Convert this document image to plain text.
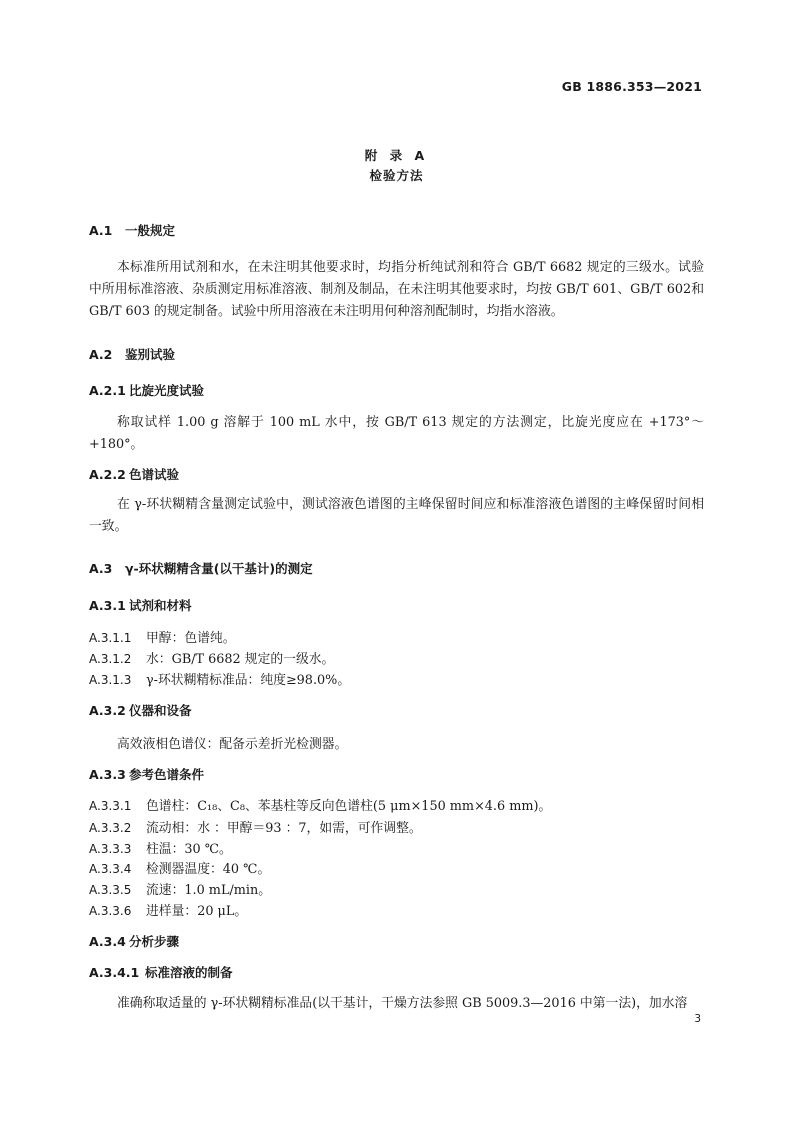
GB 1886.353—2021
附 录 A
检验方法
A.1 一般规定
本标准所用试剂和水，在未注明其他要求时，均指分析纯试剂和符合 GB/T 6682 规定的三级水。试验中所用标准溶液、杂质测定用标准溶液、制剂及制品，在未注明其他要求时，均按 GB/T 601、GB/T 602和 GB/T 603 的规定制备。试验中所用溶液在未注明用何种溶剂配制时，均指水溶液。
A.2 鉴别试验
A.2.1 比旋光度试验
称取试样 1.00 g 溶解于 100 mL 水中，按 GB/T 613 规定的方法测定，比旋光度应在 +173°～+180°。
A.2.2 色谱试验
在 γ-环状糊精含量测定试验中，测试溶液色谱图的主峰保留时间应和标准溶液色谱图的主峰保留时间相一致。
A.3 γ-环状糊精含量(以干基计)的测定
A.3.1 试剂和材料
A.3.1.1 甲醇：色谱纯。
A.3.1.2 水：GB/T 6682 规定的一级水。
A.3.1.3 γ-环状糊精标准品：纯度≥98.0%。
A.3.2 仪器和设备
高效液相色谱仪：配备示差折光检测器。
A.3.3 参考色谱条件
A.3.3.1 色谱柱：C₁₈、C₈、苯基柱等反向色谱柱(5 μm×150 mm×4.6 mm)。
A.3.3.2 流动相：水 ：甲醇＝93 ：7，如需，可作调整。
A.3.3.3 柱温：30 ℃。
A.3.3.4 检测器温度：40 ℃。
A.3.3.5 流速：1.0 mL/min。
A.3.3.6 进样量：20 μL。
A.3.4 分析步骤
A.3.4.1 标准溶液的制备
准确称取适量的 γ-环状糊精标准品(以干基计，干燥方法参照 GB 5009.3—2016 中第一法)，加水溶
3
